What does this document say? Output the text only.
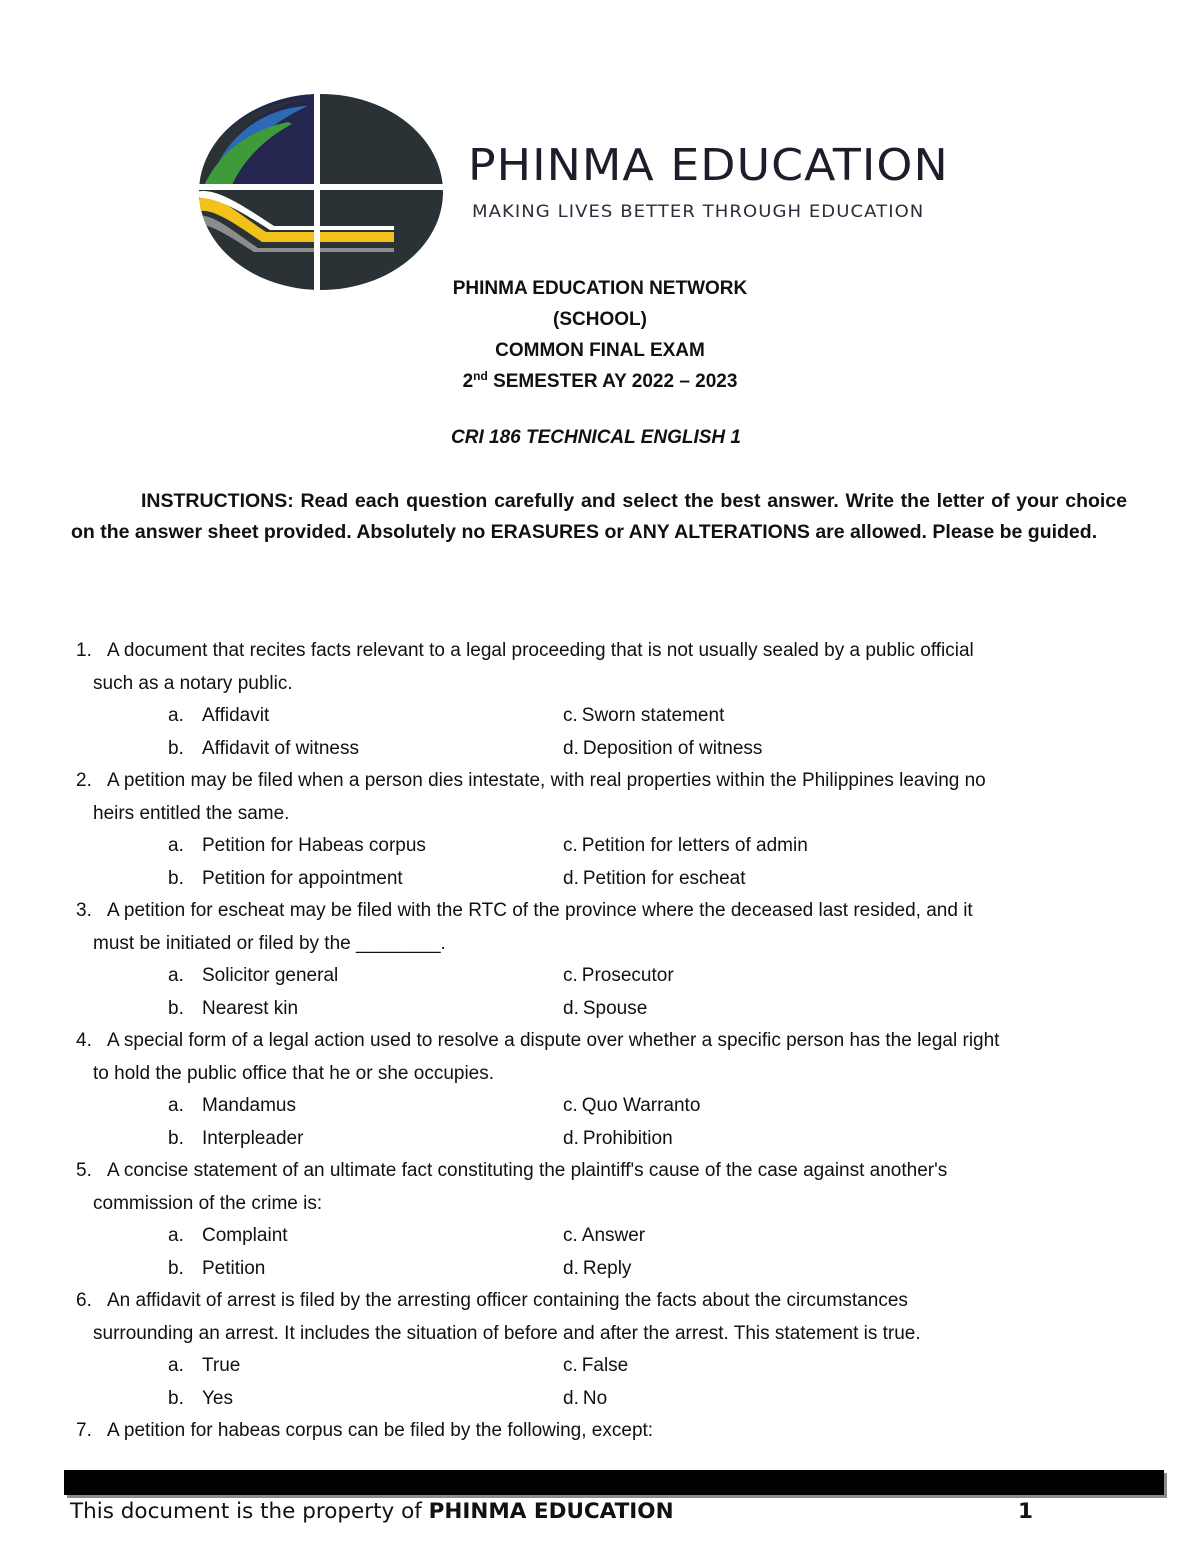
PHINMA EDUCATION
MAKING LIVES BETTER THROUGH EDUCATION
PHINMA EDUCATION NETWORK
(SCHOOL)
COMMON FINAL EXAM
2nd SEMESTER AY 2022 – 2023
CRI 186 TECHNICAL ENGLISH 1
INSTRUCTIONS: Read each question carefully and select the best answer. Write the letter of your choice on the answer sheet provided. Absolutely no ERASURES or ANY ALTERATIONS are allowed. Please be guided.
1. A document that recites facts relevant to a legal proceeding that is not usually sealed by a public official
such as a notary public.
a. Affidavit	c. Sworn statement
b. Affidavit of witness	d. Deposition of witness
2. A petition may be filed when a person dies intestate, with real properties within the Philippines leaving no
heirs entitled the same.
a. Petition for Habeas corpus	c. Petition for letters of admin
b. Petition for appointment	d. Petition for escheat
3. A petition for escheat may be filed with the RTC of the province where the deceased last resided, and it
must be initiated or filed by the ________.
a. Solicitor general	c. Prosecutor
b. Nearest kin	d. Spouse
4. A special form of a legal action used to resolve a dispute over whether a specific person has the legal right
to hold the public office that he or she occupies.
a. Mandamus	c. Quo Warranto
b. Interpleader	d. Prohibition
5. A concise statement of an ultimate fact constituting the plaintiff's cause of the case against another's
commission of the crime is:
a. Complaint	c. Answer
b. Petition	d. Reply
6. An affidavit of arrest is filed by the arresting officer containing the facts about the circumstances
surrounding an arrest. It includes the situation of before and after the arrest. This statement is true.
a. True	c. False
b. Yes	d. No
7. A petition for habeas corpus can be filed by the following, except:
This document is the property of PHINMA EDUCATION	1
